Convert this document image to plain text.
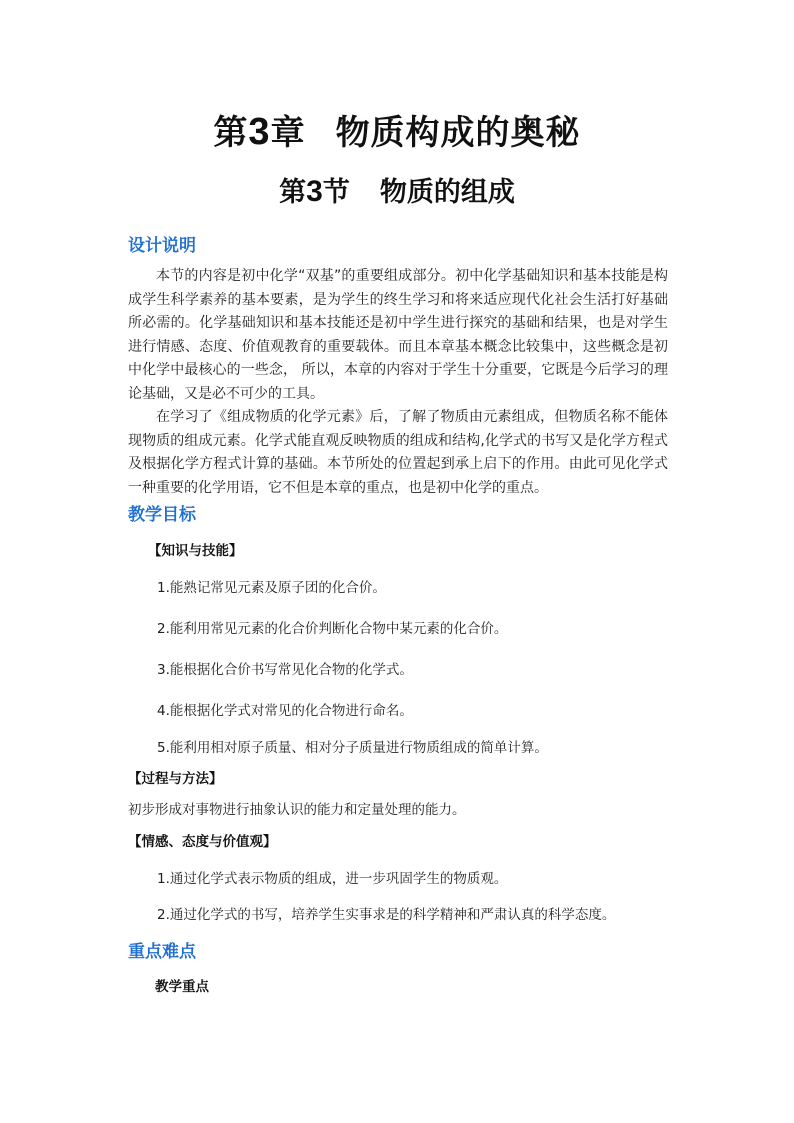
第3章 物质构成的奥秘
第3节 物质的组成
设计说明

本节的内容是初中化学“双基”的重要组成部分。初中化学基础知识和基本技能是构成学生科学素养的基本要素，是为学生的终生学习和将来适应现代化社会生活打好基础所必需的。化学基础知识和基本技能还是初中学生进行探究的基础和结果，也是对学生进行情感、态度、价值观教育的重要载体。而且本章基本概念比较集中，这些概念是初中化学中最核心的一些念， 所以，本章的内容对于学生十分重要，它既是今后学习的理论基础，又是必不可少的工具。

在学习了《组成物质的化学元素》后，了解了物质由元素组成，但物质名称不能体现物质的组成元素。化学式能直观反映物质的组成和结构,化学式的书写又是化学方程式及根据化学方程式计算的基础。本节所处的位置起到承上启下的作用。由此可见化学式一种重要的化学用语，它不但是本章的重点，也是初中化学的重点。

教学目标
【知识与技能】
1.能熟记常见元素及原子团的化合价。
2.能利用常见元素的化合价判断化合物中某元素的化合价。
3.能根据化合价书写常见化合物的化学式。
4.能根据化学式对常见的化合物进行命名。
5.能利用相对原子质量、相对分子质量进行物质组成的简单计算。
【过程与方法】
初步形成对事物进行抽象认识的能力和定量处理的能力。
【情感、态度与价值观】
1.通过化学式表示物质的组成，进一步巩固学生的物质观。
2.通过化学式的书写，培养学生实事求是的科学精神和严肃认真的科学态度。
重点难点
教学重点
